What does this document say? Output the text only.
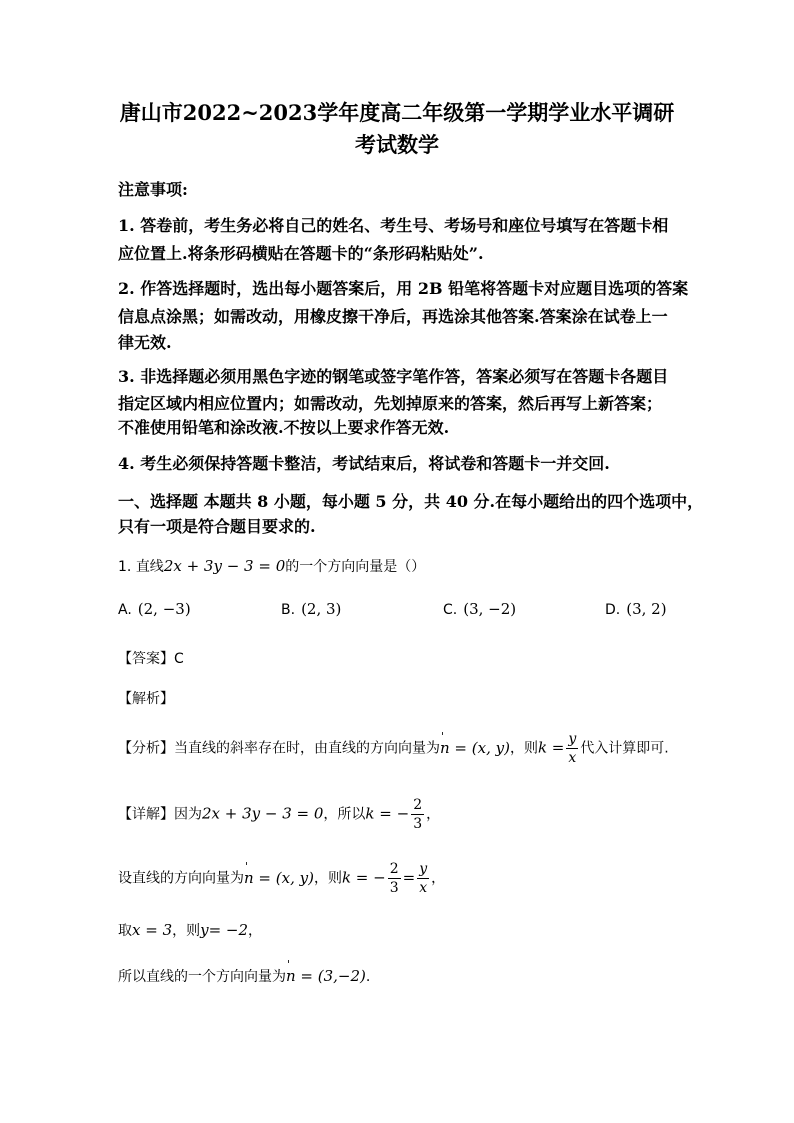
唐山市2022~2023学年度高二年级第一学期学业水平调研
考试数学
注意事项:
1. 答卷前，考生务必将自己的姓名、考生号、考场号和座位号填写在答题卡相
应位置上.将条形码横贴在答题卡的“条形码粘贴处”.
2. 作答选择题时，选出每小题答案后，用 2B 铅笔将答题卡对应题目选项的答案
信息点涂黑；如需改动，用橡皮擦干净后，再选涂其他答案.答案涂在试卷上一
律无效.
3. 非选择题必须用黑色字迹的钢笔或签字笔作答，答案必须写在答题卡各题目
指定区域内相应位置内；如需改动，先划掉原来的答案，然后再写上新答案；
不准使用铅笔和涂改液.不按以上要求作答无效.
4. 考生必须保持答题卡整洁，考试结束后，将试卷和答题卡一并交回.
一、选择题 本题共 8 小题，每小题 5 分，共 40 分.在每小题给出的四个选项中，
只有一项是符合题目要求的.
1. 直线2x + 3y − 3 = 0的一个方向向量是（）
A. (2, −3)	B. (2, 3)	C. (3, −2)	D. (3, 2)
【答案】C
【解析】
【分析】当直线的斜率存在时，由直线的方向向量为' n = (x, y)，则$k = \frac{y}{x}$ 代入计算即可.
【详解】因为2x + 3y − 3 = 0，所以k = − $\frac{2}{3}$ ，
设直线的方向向量为' n = (x, y)，则k = − $\frac{2}{3} = \frac{y}{x}$ ，
取x = 3，则y= −2，
所以直线的一个方向向量为' n = (3,−2).
